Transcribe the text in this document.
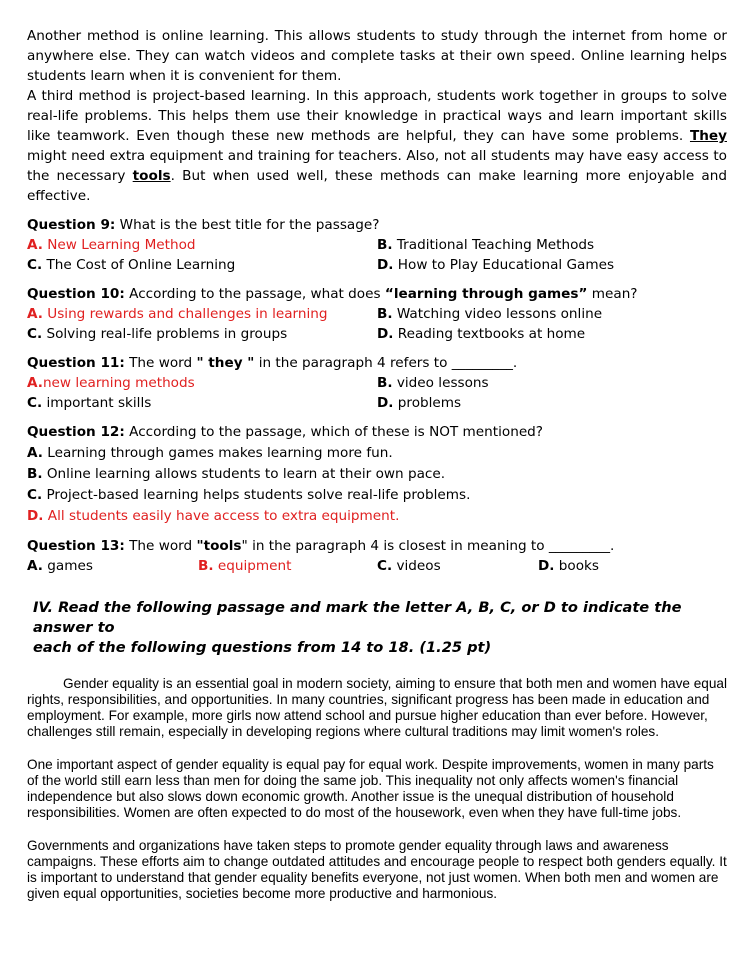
Another method is online learning. This allows students to study through the internet from home or anywhere else. They can watch videos and complete tasks at their own speed. Online learning helps students learn when it is convenient for them.

A third method is project-based learning. In this approach, students work together in groups to solve real-life problems. This helps them use their knowledge in practical ways and learn important skills like teamwork. Even though these new methods are helpful, they can have some problems. They might need extra equipment and training for teachers. Also, not all students may have easy access to the necessary tools. But when used well, these methods can make learning more enjoyable and effective.

Question 9: What is the best title for the passage?

A. New Learning Method	B. Traditional Teaching Methods
C. The Cost of Online Learning	D. How to Play Educational Games

Question 10: According to the passage, what does “learning through games” mean?

A. Using rewards and challenges in learning	B. Watching video lessons online
C. Solving real-life problems in groups	D. Reading textbooks at home

Question 11: The word " they " in the paragraph 4 refers to _________.

A.new learning methods	B. video lessons
C. important skills	D. problems

Question 12: According to the passage, which of these is NOT mentioned?

A. Learning through games makes learning more fun.
B. Online learning allows students to learn at their own pace.
C. Project-based learning helps students solve real-life problems.
D. All students easily have access to extra equipment.

Question 13: The word "tools" in the paragraph 4 is closest in meaning to _________.

A. games	B. equipment	C. videos	D. books
IV. Read the following passage and mark the letter A, B, C, or D to indicate the answer to
each of the following questions from 14 to 18. (1.25 pt)

Gender equality is an essential goal in modern society, aiming to ensure that both men and women have equal rights, responsibilities, and opportunities. In many countries, significant progress has been made in education and employment. For example, more girls now attend school and pursue higher education than ever before. However, challenges still remain, especially in developing regions where cultural traditions may limit women's roles.

One important aspect of gender equality is equal pay for equal work. Despite improvements, women in many parts of the world still earn less than men for doing the same job. This inequality not only affects women's financial independence but also slows down economic growth. Another issue is the unequal distribution of household responsibilities. Women are often expected to do most of the housework, even when they have full-time jobs.

Governments and organizations have taken steps to promote gender equality through laws and awareness campaigns. These efforts aim to change outdated attitudes and encourage people to respect both genders equally. It is important to understand that gender equality benefits everyone, not just women. When both men and women are given equal opportunities, societies become more productive and harmonious.
